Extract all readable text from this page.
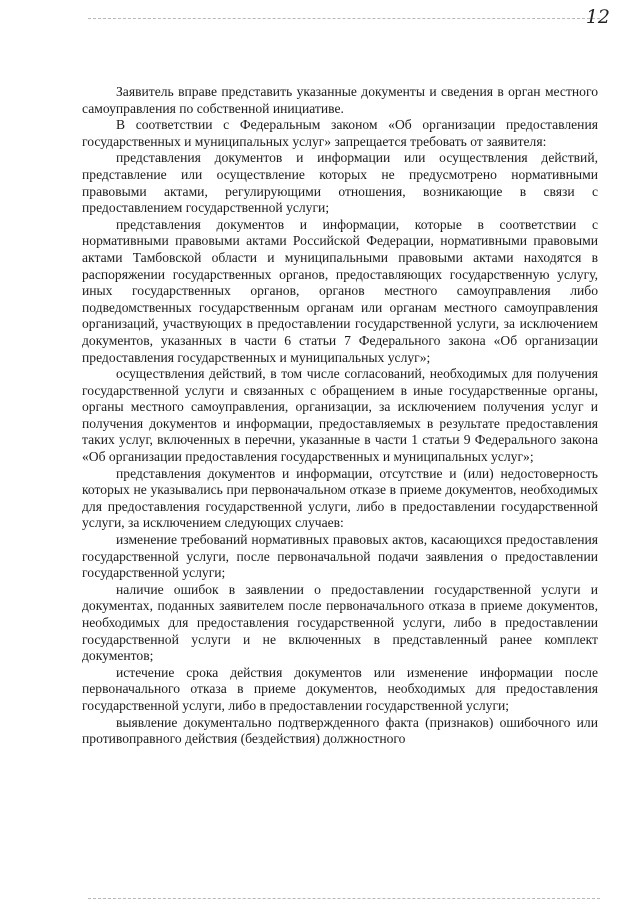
12

Заявитель вправе представить указанные документы и сведения в орган местного самоуправления по собственной инициативе.

В соответствии с Федеральным законом «Об организации предоставления государственных и муниципальных услуг» запрещается требовать от заявителя:

представления документов и информации или осуществления действий, представление или осуществление которых не предусмотрено нормативными правовыми актами, регулирующими отношения, возникающие в связи с предоставлением государственной услуги;

представления документов и информации, которые в соответствии с нормативными правовыми актами Российской Федерации, нормативными правовыми актами Тамбовской области и муниципальными правовыми актами находятся в распоряжении государственных органов, предоставляющих государственную услугу, иных государственных органов, органов местного самоуправления либо подведомственных государственным органам или органам местного самоуправления организаций, участвующих в предоставлении государственной услуги, за исключением документов, указанных в части 6 статьи 7 Федерального закона «Об организации предоставления государственных и муниципальных услуг»;

осуществления действий, в том числе согласований, необходимых для получения государственной услуги и связанных с обращением в иные государственные органы, органы местного самоуправления, организации, за исключением получения услуг и получения документов и информации, предоставляемых в результате предоставления таких услуг, включенных в перечни, указанные в части 1 статьи 9 Федерального закона «Об организации предоставления государственных и муниципальных услуг»;

представления документов и информации, отсутствие и (или) недостоверность которых не указывались при первоначальном отказе в приеме документов, необходимых для предоставления государственной услуги, либо в предоставлении государственной услуги, за исключением следующих случаев:

изменение требований нормативных правовых актов, касающихся предоставления государственной услуги, после первоначальной подачи заявления о предоставлении государственной услуги;

наличие ошибок в заявлении о предоставлении государственной услуги и документах, поданных заявителем после первоначального отказа в приеме документов, необходимых для предоставления государственной услуги, либо в предоставлении государственной услуги и не включенных в представленный ранее комплект документов;

истечение срока действия документов или изменение информации после первоначального отказа в приеме документов, необходимых для предоставления государственной услуги, либо в предоставлении государственной услуги;

выявление документально подтвержденного факта (признаков) ошибочного или противоправного действия (бездействия) должностного
